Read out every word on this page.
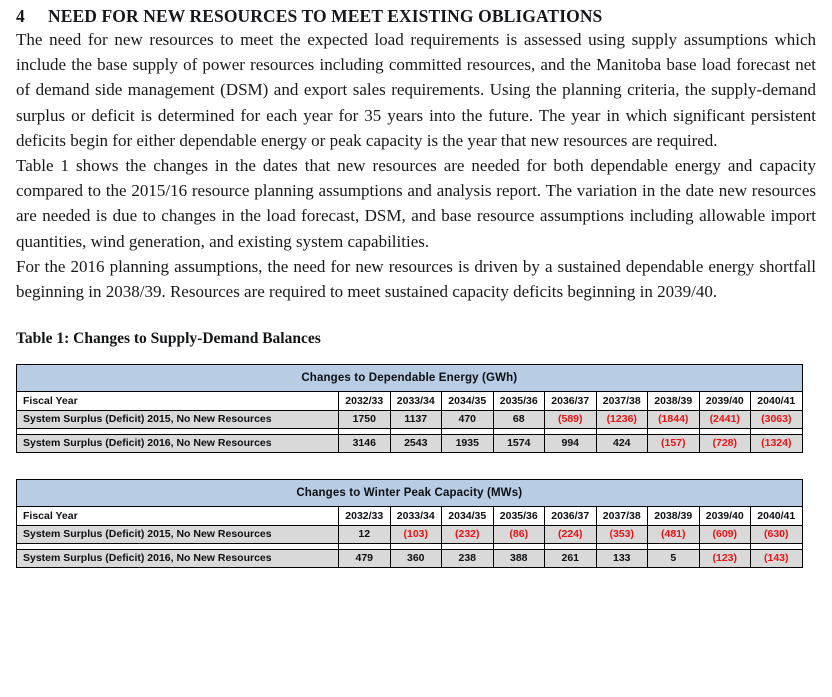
4	NEED FOR NEW RESOURCES TO MEET EXISTING OBLIGATIONS

The need for new resources to meet the expected load requirements is assessed using supply assumptions which include the base supply of power resources including committed resources, and the Manitoba base load forecast net of demand side management (DSM) and export sales requirements. Using the planning criteria, the supply-demand surplus or deficit is determined for each year for 35 years into the future. The year in which significant persistent deficits begin for either dependable energy or peak capacity is the year that new resources are required.

Table 1 shows the changes in the dates that new resources are needed for both dependable energy and capacity compared to the 2015/16 resource planning assumptions and analysis report. The variation in the date new resources are needed is due to changes in the load forecast, DSM, and base resource assumptions including allowable import quantities, wind generation, and existing system capabilities.

For the 2016 planning assumptions, the need for new resources is driven by a sustained dependable energy shortfall beginning in 2038/39. Resources are required to meet sustained capacity deficits beginning in 2039/40.

Table 1: Changes to Supply-Demand Balances
Changes to Dependable Energy (GWh)									
Fiscal Year	2032/33	2033/34	2034/35	2035/36	2036/37	2037/38	2038/39	2039/40	2040/41
System Surplus (Deficit) 2015, No New Resources	1750	1137	470	68	(589)	(1236)	(1844)	(2441)	(3063)

System Surplus (Deficit) 2016, No New Resources	3146	2543	1935	1574	994	424	(157)	(728)	(1324)
Changes to Winter Peak Capacity (MWs)									
Fiscal Year	2032/33	2033/34	2034/35	2035/36	2036/37	2037/38	2038/39	2039/40	2040/41
System Surplus (Deficit) 2015, No New Resources	12	(103)	(232)	(86)	(224)	(353)	(481)	(609)	(630)

System Surplus (Deficit) 2016, No New Resources	479	360	238	388	261	133	5	(123)	(143)
